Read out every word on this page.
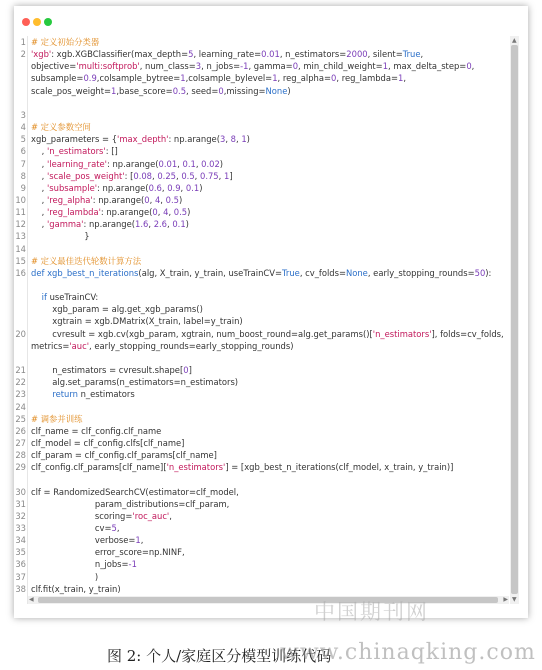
1 # 定义初始分类器
2 'xgb': xgb.XGBClassifier(max_depth=5, learning_rate=0.01, n_estimators=2000, silent=True,
objective='multi:softprob', num_class=3, n_jobs=-1, gamma=0, min_child_weight=1, max_delta_step=0,
subsample=0.9,colsample_bytree=1,colsample_bylevel=1, reg_alpha=0, reg_lambda=1,
scale_pos_weight=1,base_score=0.5, seed=0,missing=None)
3
4 # 定义参数空间
5 xgb_parameters = {'max_depth': np.arange(3, 8, 1)
6 , 'n_estimators': []
7 , 'learning_rate': np.arange(0.01, 0.1, 0.02)
8 , 'scale_pos_weight': [0.08, 0.25, 0.5, 0.75, 1]
9 , 'subsample': np.arange(0.6, 0.9, 0.1)
10 , 'reg_alpha': np.arange(0, 4, 0.5)
11 , 'reg_lambda': np.arange(0, 4, 0.5)
12 , 'gamma': np.arange(1.6, 2.6, 0.1)
13 }
14
15 # 定义最佳迭代轮数计算方法
16 def xgb_best_n_iterations(alg, X_train, y_train, useTrainCV=True, cv_folds=None, early_stopping_rounds=50):
if useTrainCV:
xgb_param = alg.get_xgb_params()
xgtrain = xgb.DMatrix(X_train, label=y_train)
20 cvresult = xgb.cv(xgb_param, xgtrain, num_boost_round=alg.get_params()['n_estimators'], folds=cv_folds,
metrics='auc', early_stopping_rounds=early_stopping_rounds)
21 n_estimators = cvresult.shape[0]
22 alg.set_params(n_estimators=n_estimators)
23	return n_estimators
24
25 # 调参并训练
26 clf_name = clf_config.clf_name
27 clf_model = clf_config.clfs[clf_name]
28 clf_param = clf_config.clf_params[clf_name]
29 clf_config.clf_params[clf_name]['n_estimators'] = [xgb_best_n_iterations(clf_model, x_train, y_train)]
30 clf = RandomizedSearchCV(estimator=clf_model,
31 param_distributions=clf_param,
32 scoring='roc_auc',
33 cv=5,
34 verbose=1,
35 error_score=np.NINF,
36 n_jobs=-1
37 )
38 clf.fit(x_train, y_train)
▲
▼
◀	▶
中国期刊网
图 2: 个人/家庭区分模型训练代码
www.chinaqking.com
